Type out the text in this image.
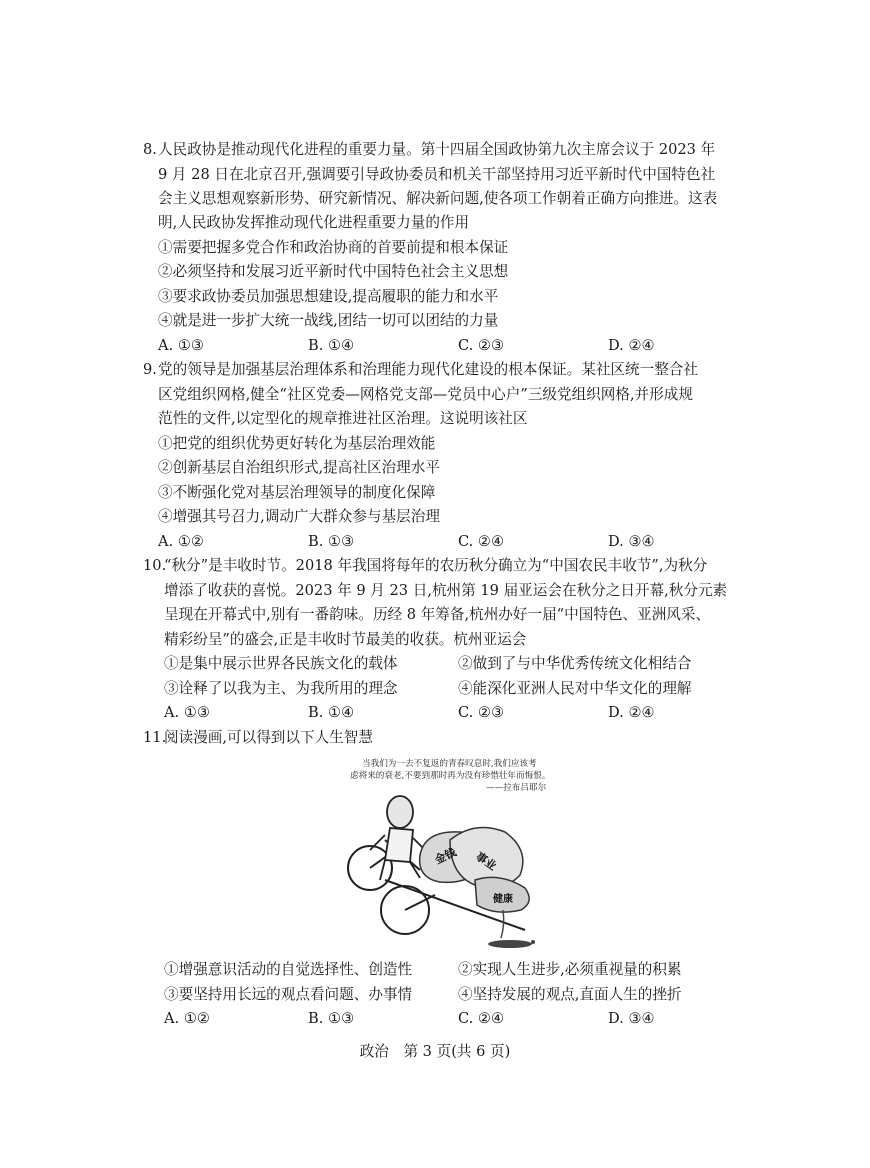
8. 人民政协是推动现代化进程的重要力量。第十四届全国政协第九次主席会议于 2023 年
9 月 28 日在北京召开,强调要引导政协委员和机关干部坚持用习近平新时代中国特色社
会主义思想观察新形势、研究新情况、解决新问题,使各项工作朝着正确方向推进。这表
明,人民政协发挥推动现代化进程重要力量的作用
①需要把握多党合作和政治协商的首要前提和根本保证
②必须坚持和发展习近平新时代中国特色社会主义思想
③要求政协委员加强思想建设,提高履职的能力和水平
④就是进一步扩大统一战线,团结一切可以团结的力量
A. ①③	B. ①④	C. ②③	D. ②④
9. 党的领导是加强基层治理体系和治理能力现代化建设的根本保证。某社区统一整合社
区党组织网格,健全“社区党委—网格党支部—党员中心户”三级党组织网格,并形成规
范性的文件,以定型化的规章推进社区治理。这说明该社区
①把党的组织优势更好转化为基层治理效能
②创新基层自治组织形式,提高社区治理水平
③不断强化党对基层治理领导的制度化保障
④增强其号召力,调动广大群众参与基层治理
A. ①②	B. ①③	C. ②④	D. ③④
10.
“秋分”是丰收时节。2018 年我国将每年的农历秋分确立为“中国农民丰收节”,为秋分
增添了收获的喜悦。2023 年 9 月 23 日,杭州第 19 届亚运会在秋分之日开幕,秋分元素
呈现在开幕式中,别有一番韵味。历经 8 年筹备,杭州办好一届“中国特色、亚洲风采、
精彩纷呈”的盛会,正是丰收时节最美的收获。杭州亚运会
①是集中展示世界各民族文化的载体	②做到了与中华优秀传统文化相结合
③诠释了以我为主、为我所用的理念	④能深化亚洲人民对中华文化的理解
A. ①③	B. ①④	C. ②③	D. ②④
11.
阅读漫画,可以得到以下人生智慧
当我们为一去不复返的青春叹息时,我们应该考
虑将来的衰老,不要到那时再为没有珍惜壮年而悔恨。
——拉布吕耶尔
金钱 事业
健康
①增强意识活动的自觉选择性、创造性	②实现人生进步,必须重视量的积累
③要坚持用长远的观点看问题、办事情	④坚持发展的观点,直面人生的挫折
A. ①②	B. ①③	C. ②④	D. ③④
政治　第 3 页(共 6 页)
